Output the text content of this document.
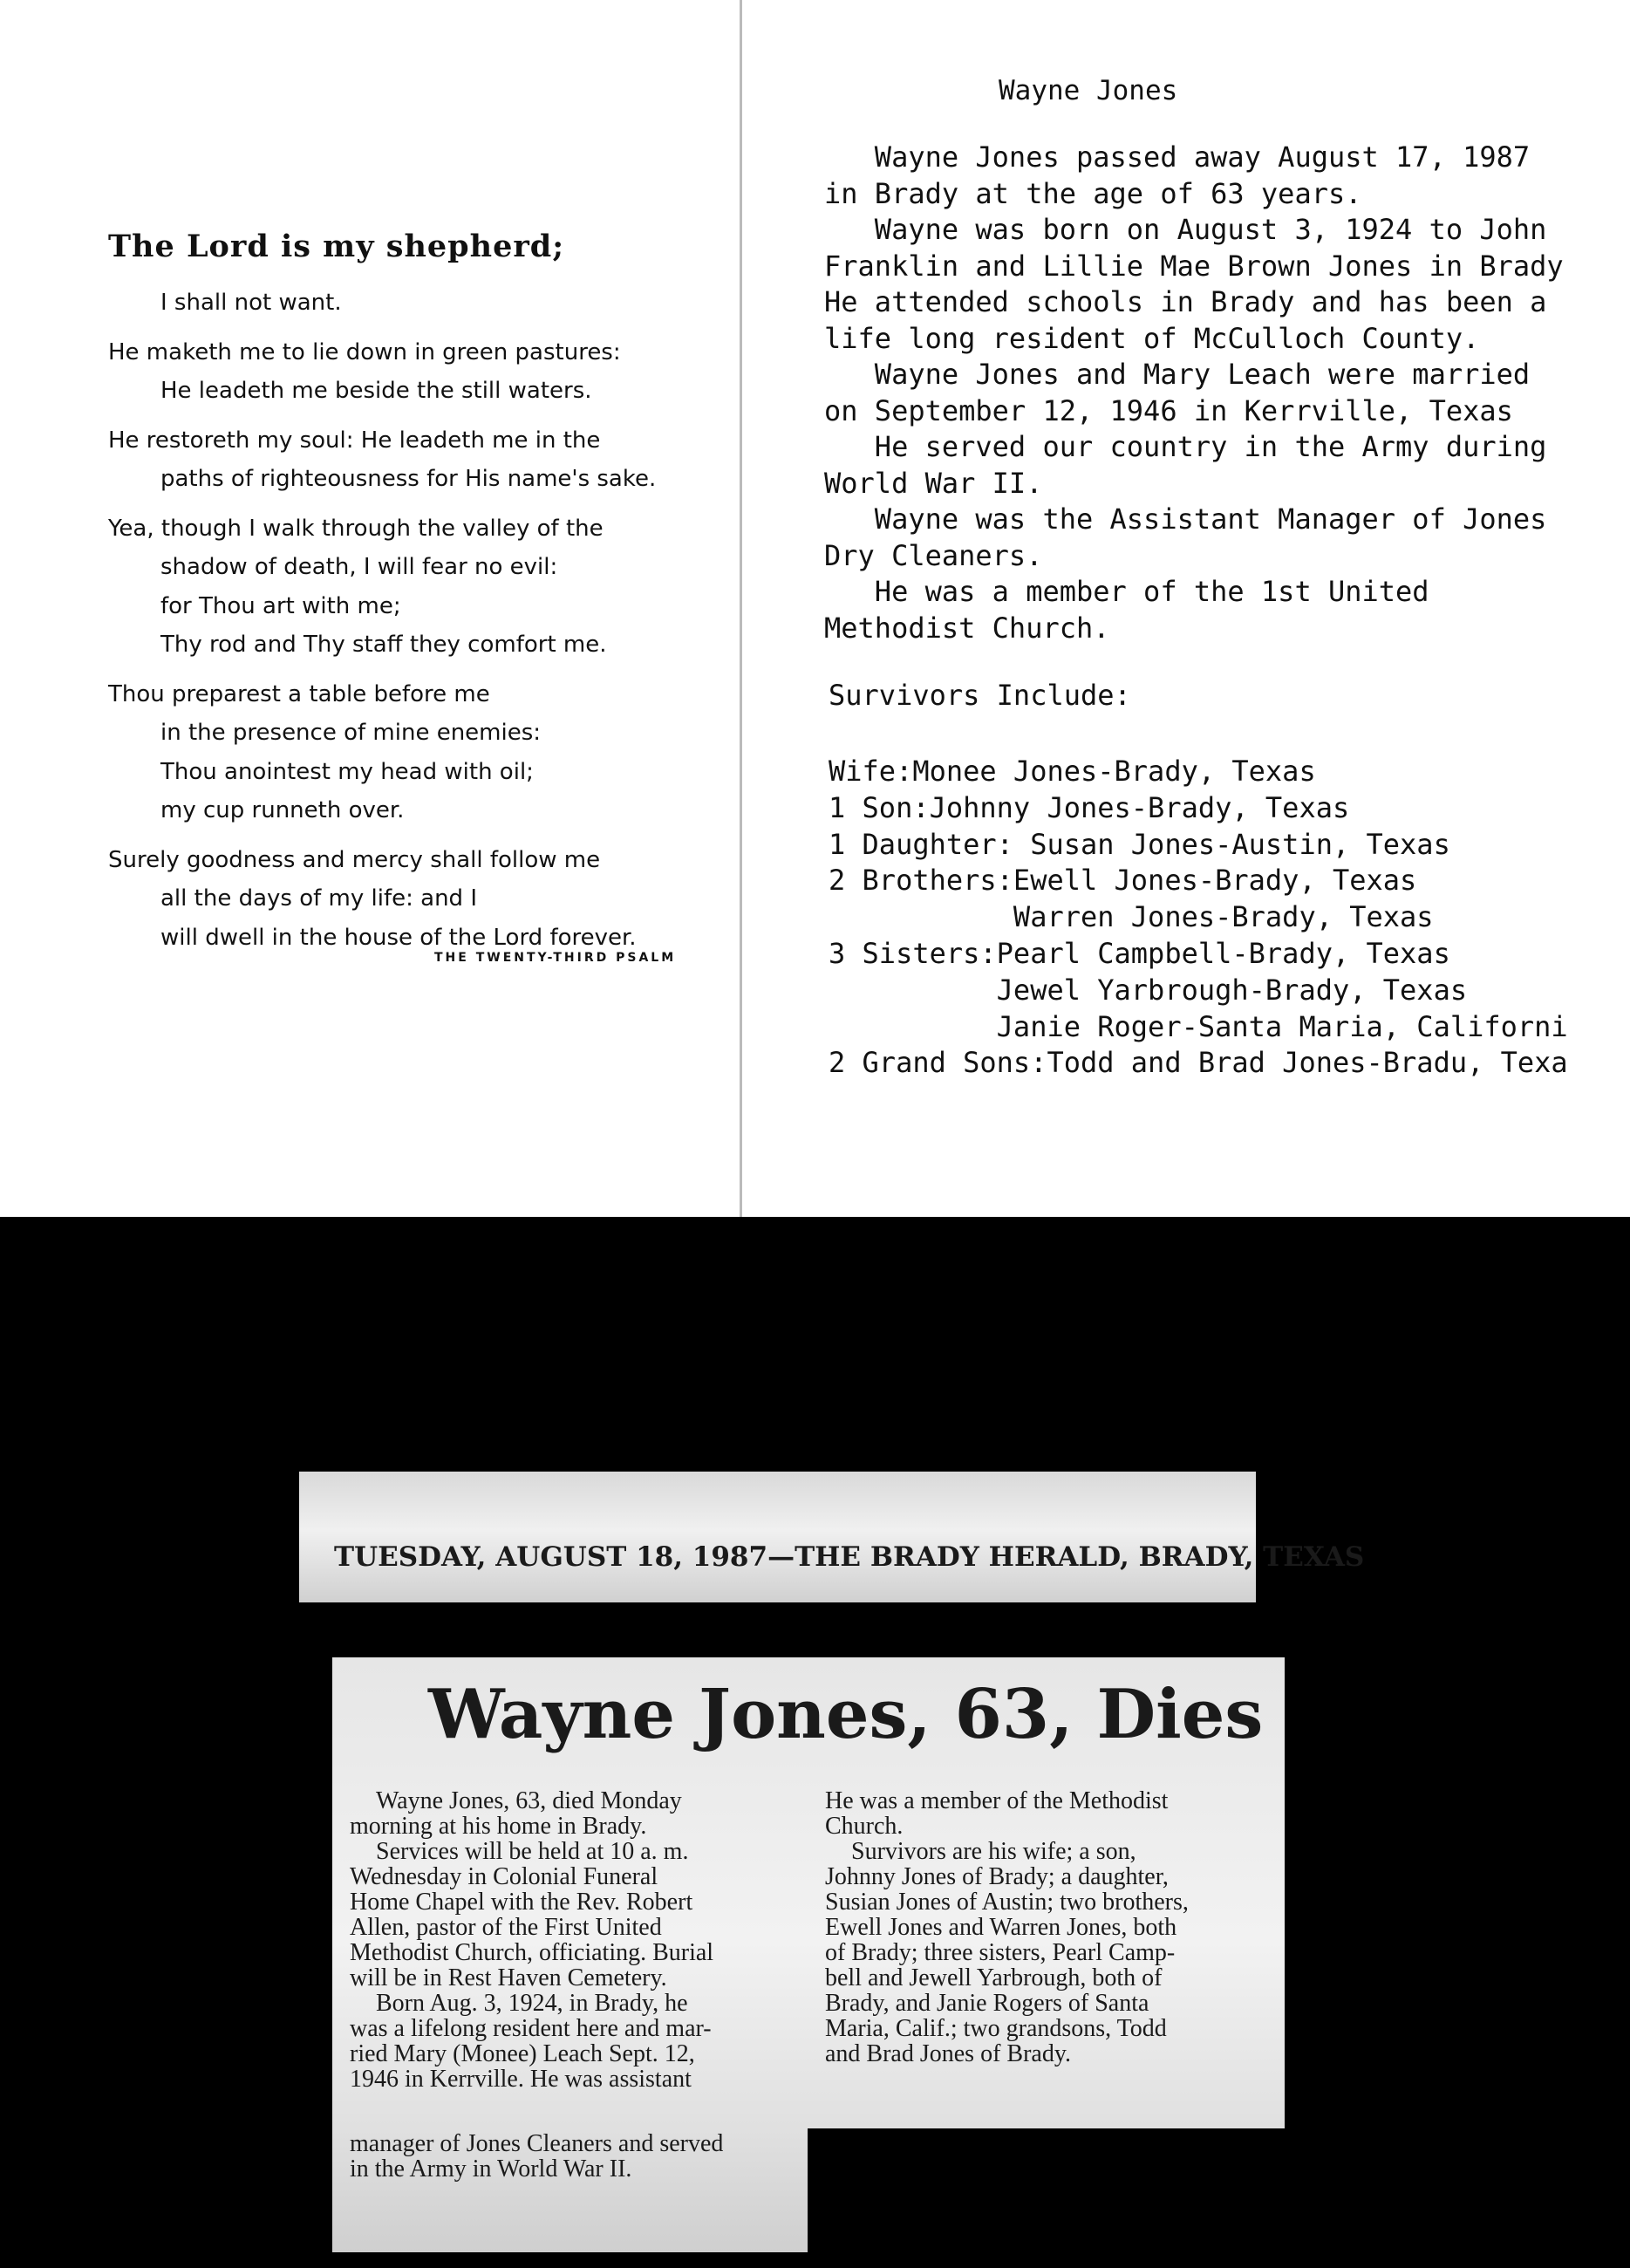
The Lord is my shepherd;
I shall not want.
He maketh me to lie down in green pastures:
He leadeth me beside the still waters.
He restoreth my soul: He leadeth me in the
paths of righteousness for His name's sake.
Yea, though I walk through the valley of the
shadow of death, I will fear no evil:
for Thou art with me;
Thy rod and Thy staff they comfort me.
Thou preparest a table before me
in the presence of mine enemies:
Thou anointest my head with oil;
my cup runneth over.
Surely goodness and mercy shall follow me
all the days of my life: and I
will dwell in the house of the Lord forever.
THE TWENTY-THIRD PSALM
Wayne Jones
Wayne Jones passed away August 17, 1987
in Brady at the age of 63 years.
Wayne was born on August 3, 1924 to John
Franklin and Lillie Mae Brown Jones in Brady
He attended schools in Brady and has been a
life long resident of McCulloch County.
Wayne Jones and Mary Leach were married
on September 12, 1946 in Kerrville, Texas
He served our country in the Army during
World War II.
Wayne was the Assistant Manager of Jones
Dry Cleaners.
He was a member of the 1st United
Methodist Church.
Survivors Include:
Wife:Monee Jones-Brady, Texas
1 Son:Johnny Jones-Brady, Texas
1 Daughter: Susan Jones-Austin, Texas
2 Brothers:Ewell Jones-Brady, Texas
Warren Jones-Brady, Texas
3 Sisters:Pearl Campbell-Brady, Texas
Jewel Yarbrough-Brady, Texas
Janie Roger-Santa Maria, Californi
2 Grand Sons:Todd and Brad Jones-Bradu, Texa
TUESDAY, AUGUST 18, 1987—THE BRADY HERALD, BRADY, TEXAS
Wayne Jones, 63, Dies
Wayne Jones, 63, died Monday
morning at his home in Brady.
Services will be held at 10 a. m.
Wednesday in Colonial Funeral
Home Chapel with the Rev. Robert
Allen, pastor of the First United
Methodist Church, officiating. Burial
will be in Rest Haven Cemetery.
Born Aug. 3, 1924, in Brady, he
was a lifelong resident here and mar-
ried Mary (Monee) Leach Sept. 12,
1946 in Kerrville. He was assistant
He was a member of the Methodist
Church.
Survivors are his wife; a son,
Johnny Jones of Brady; a daughter,
Susian Jones of Austin; two brothers,
Ewell Jones and Warren Jones, both
of Brady; three sisters, Pearl Camp-
bell and Jewell Yarbrough, both of
Brady, and Janie Rogers of Santa
Maria, Calif.; two grandsons, Todd
and Brad Jones of Brady.
manager of Jones Cleaners and served
in the Army in World War II.
